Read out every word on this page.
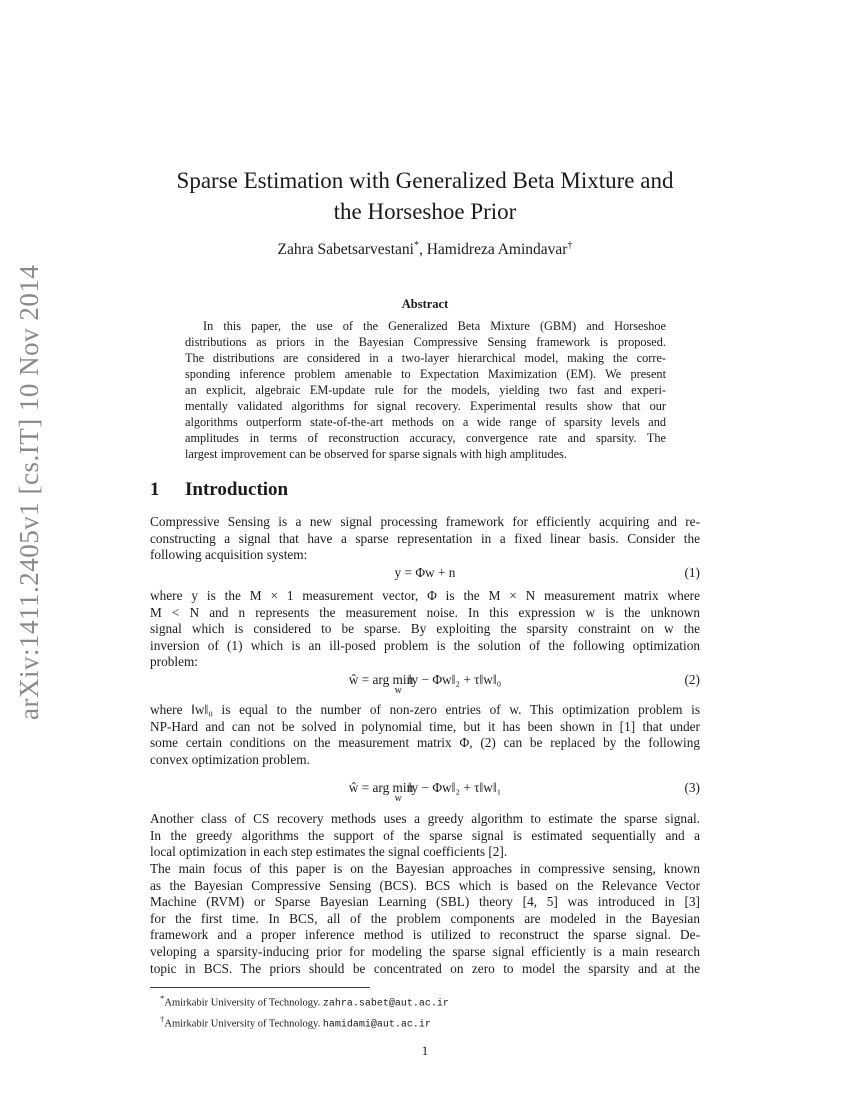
arXiv:1411.2405v1 [cs.IT] 10 Nov 2014
Sparse Estimation with Generalized Beta Mixture and
the Horseshoe Prior
Zahra Sabetsarvestani*, Hamidreza Amindavar†
Abstract
In this paper, the use of the Generalized Beta Mixture (GBM) and Horseshoe
distributions as priors in the Bayesian Compressive Sensing framework is proposed.
The distributions are considered in a two-layer hierarchical model, making the corre-
sponding inference problem amenable to Expectation Maximization (EM). We present
an explicit, algebraic EM-update rule for the models, yielding two fast and experi-
mentally validated algorithms for signal recovery. Experimental results show that our
algorithms outperform state-of-the-art methods on a wide range of sparsity levels and
amplitudes in terms of reconstruction accuracy, convergence rate and sparsity. The
largest improvement can be observed for sparse signals with high amplitudes.
1 Introduction
Compressive Sensing is a new signal processing framework for efficiently acquiring and re-
constructing a signal that have a sparse representation in a fixed linear basis. Consider the
following acquisition system:
y = Φw + n	(1)
where y is the M × 1 measurement vector, Φ is the M × N measurement matrix where
M < N and n represents the measurement noise. In this expression w is the unknown
signal which is considered to be sparse. By exploiting the sparsity constraint on w the
inversion of (1) which is an ill-posed problem is the solution of the following optimization
problem:
ŵ = arg min w‖y − Φw‖₂ + τ‖w‖₀	(2)
where ‖w‖₀ is equal to the number of non-zero entries of w. This optimization problem is
NP-Hard and can not be solved in polynomial time, but it has been shown in [1] that under
some certain conditions on the measurement matrix Φ, (2) can be replaced by the following
convex optimization problem.
ŵ = arg min w‖y − Φw‖₂ + τ‖w‖₁	(3)
Another class of CS recovery methods uses a greedy algorithm to estimate the sparse signal.
In the greedy algorithms the support of the sparse signal is estimated sequentially and a
local optimization in each step estimates the signal coefficients [2].
The main focus of this paper is on the Bayesian approaches in compressive sensing, known
as the Bayesian Compressive Sensing (BCS). BCS which is based on the Relevance Vector
Machine (RVM) or Sparse Bayesian Learning (SBL) theory [4, 5] was introduced in [3]
for the first time. In BCS, all of the problem components are modeled in the Bayesian
framework and a proper inference method is utilized to reconstruct the sparse signal. De-
veloping a sparsity-inducing prior for modeling the sparse signal efficiently is a main research
topic in BCS. The priors should be concentrated on zero to model the sparsity and at the
*Amirkabir University of Technology. zahra.sabet@aut.ac.ir
†Amirkabir University of Technology. hamidami@aut.ac.ir
1
